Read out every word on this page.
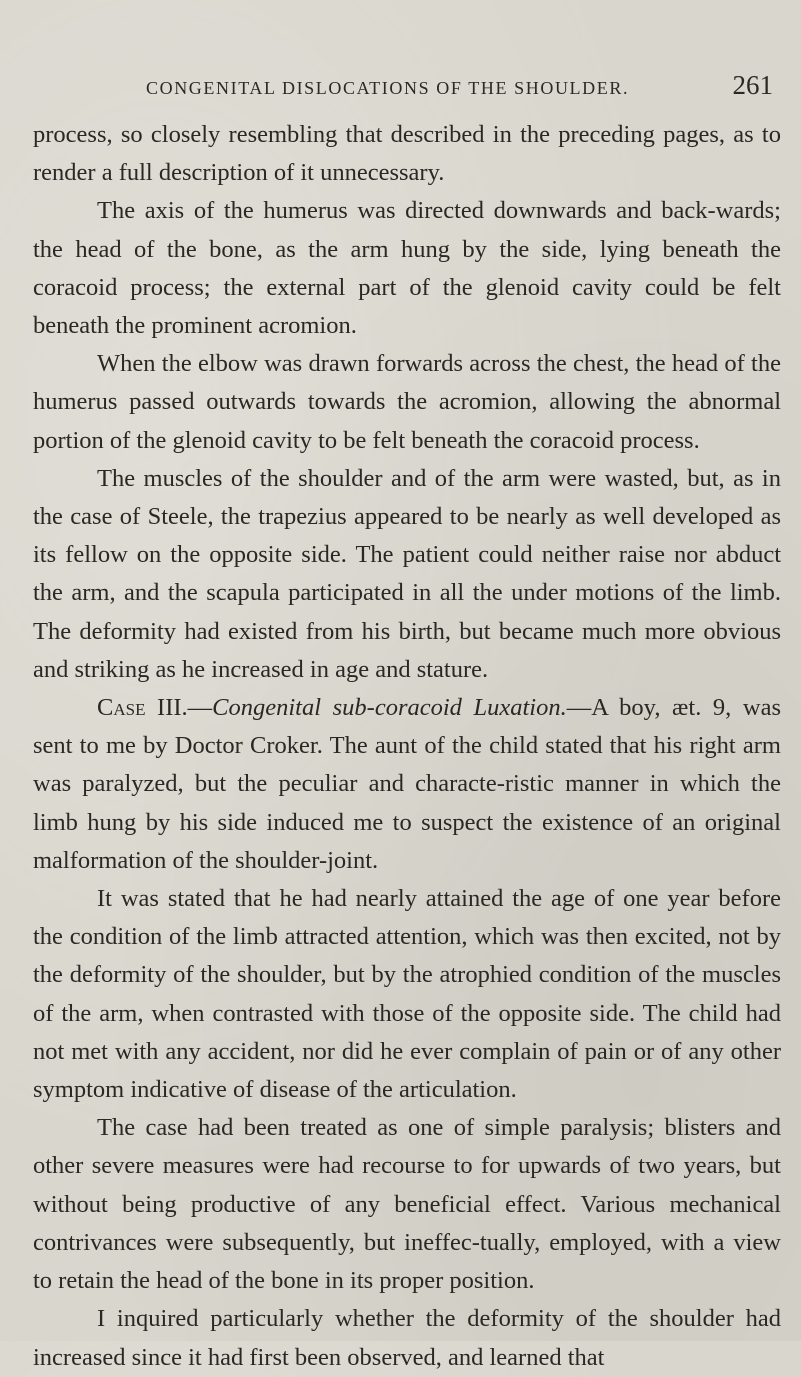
CONGENITAL DISLOCATIONS OF THE SHOULDER.	261

process, so closely resembling that described in the preceding pages, as to render a full description of it unnecessary.

The axis of the humerus was directed downwards and back-wards; the head of the bone, as the arm hung by the side, lying beneath the coracoid process; the external part of the glenoid cavity could be felt beneath the prominent acromion.

When the elbow was drawn forwards across the chest, the head of the humerus passed outwards towards the acromion, allowing the abnormal portion of the glenoid cavity to be felt beneath the coracoid process.

The muscles of the shoulder and of the arm were wasted, but, as in the case of Steele, the trapezius appeared to be nearly as well developed as its fellow on the opposite side. The patient could neither raise nor abduct the arm, and the scapula participated in all the under motions of the limb. The deformity had existed from his birth, but became much more obvious and striking as he increased in age and stature.

Case III.—Congenital sub-coracoid Luxation.—A boy, æt. 9, was sent to me by Doctor Croker. The aunt of the child stated that his right arm was paralyzed, but the peculiar and characte-ristic manner in which the limb hung by his side induced me to suspect the existence of an original malformation of the shoulder-joint.

It was stated that he had nearly attained the age of one year before the condition of the limb attracted attention, which was then excited, not by the deformity of the shoulder, but by the atrophied condition of the muscles of the arm, when contrasted with those of the opposite side. The child had not met with any accident, nor did he ever complain of pain or of any other symptom indicative of disease of the articulation.

The case had been treated as one of simple paralysis; blisters and other severe measures were had recourse to for upwards of two years, but without being productive of any beneficial effect. Various mechanical contrivances were subsequently, but ineffec-tually, employed, with a view to retain the head of the bone in its proper position.

I inquired particularly whether the deformity of the shoulder had increased since it had first been observed, and learned that
